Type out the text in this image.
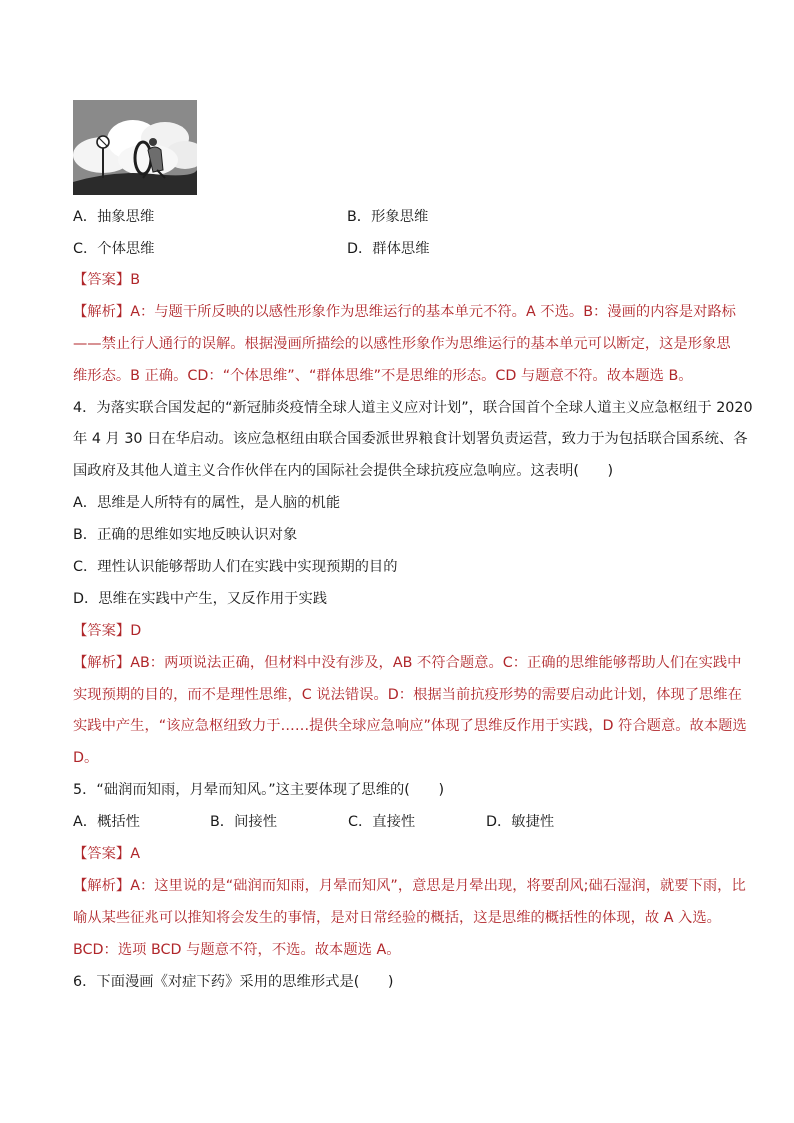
A．抽象思维	B．形象思维
C．个体思维	D．群体思维
【答案】B
【解析】A：与题干所反映的以感性形象作为思维运行的基本单元不符。A 不选。B：漫画的内容是对路标
——禁止行人通行的误解。根据漫画所描绘的以感性形象作为思维运行的基本单元可以断定，这是形象思
维形态。B 正确。CD：“个体思维”、“群体思维”不是思维的形态。CD 与题意不符。故本题选 B。
4．为落实联合国发起的“新冠肺炎疫情全球人道主义应对计划”，联合国首个全球人道主义应急枢纽于 2020
年 4 月 30 日在华启动。该应急枢纽由联合国委派世界粮食计划署负责运营，致力于为包括联合国系统、各
国政府及其他人道主义合作伙伴在内的国际社会提供全球抗疫应急响应。这表明(　　)
A．思维是人所特有的属性，是人脑的机能
B．正确的思维如实地反映认识对象
C．理性认识能够帮助人们在实践中实现预期的目的
D．思维在实践中产生，又反作用于实践
【答案】D
【解析】AB：两项说法正确，但材料中没有涉及，AB 不符合题意。C：正确的思维能够帮助人们在实践中
实现预期的目的，而不是理性思维，C 说法错误。D：根据当前抗疫形势的需要启动此计划，体现了思维在
实践中产生，“该应急枢纽致力于……提供全球应急响应”体现了思维反作用于实践，D 符合题意。故本题选
D。
5．“础润而知雨，月晕而知风。”这主要体现了思维的(　　)
A．概括性	B．间接性	C．直接性	D．敏捷性
【答案】A
【解析】A：这里说的是“础润而知雨，月晕而知风”，意思是月晕出现，将要刮风;础石湿润，就要下雨，比
喻从某些征兆可以推知将会发生的事情，是对日常经验的概括，这是思维的概括性的体现，故 A 入选。
BCD：选项 BCD 与题意不符，不选。故本题选 A。
6．下面漫画《对症下药》采用的思维形式是(　　)
